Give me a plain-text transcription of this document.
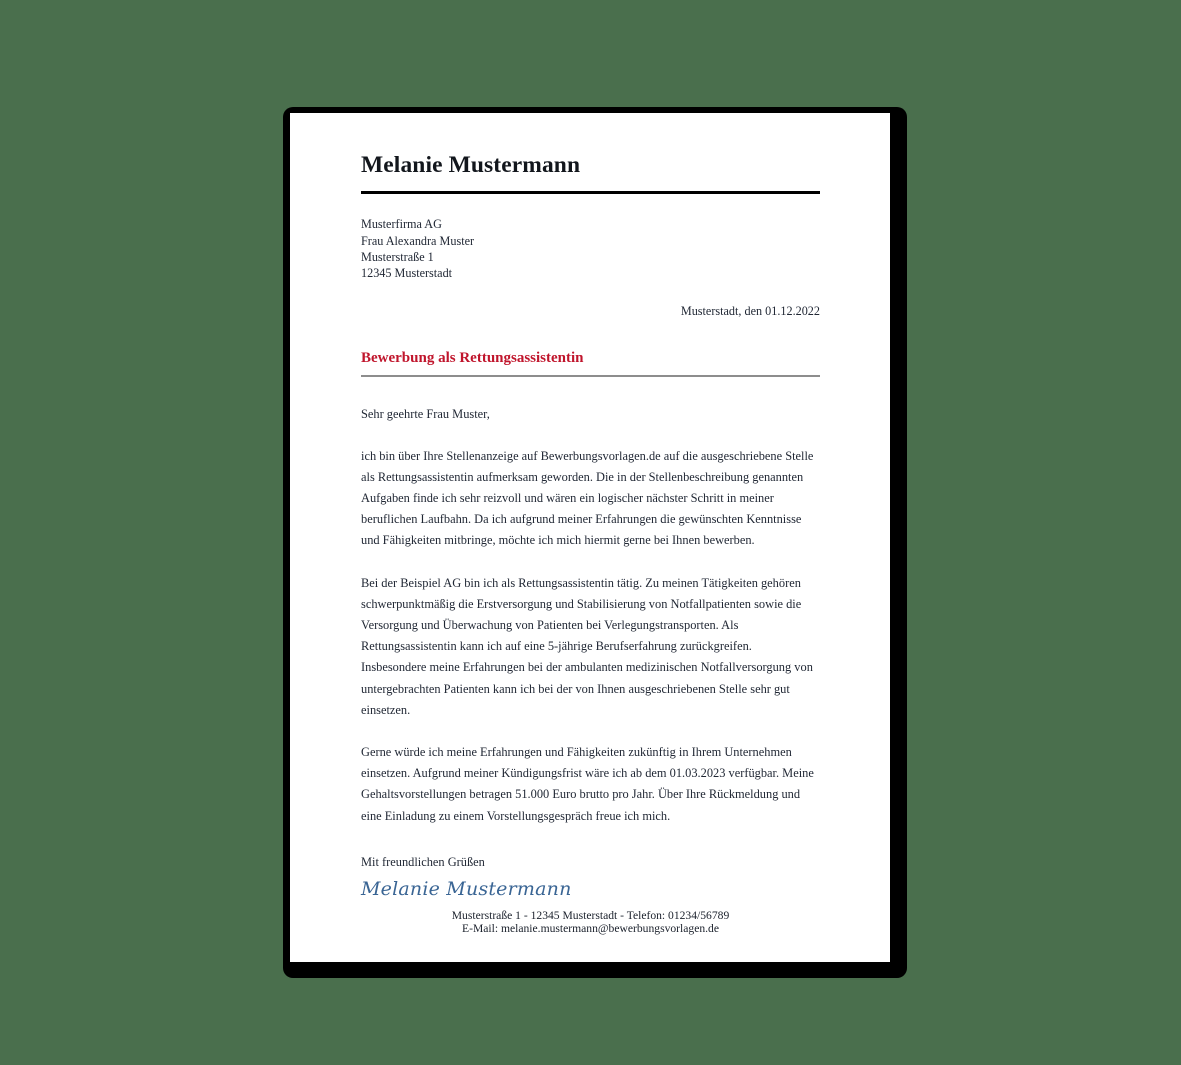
Melanie Mustermann
Musterfirma AG
Frau Alexandra Muster
Musterstraße 1
12345 Musterstadt
Musterstadt, den 01.12.2022
Bewerbung als Rettungsassistentin
Sehr geehrte Frau Muster,

ich bin über Ihre Stellenanzeige auf Bewerbungsvorlagen.de auf die ausgeschriebene Stelle als Rettungsassistentin aufmerksam geworden. Die in der Stellenbeschreibung genannten Aufgaben finde ich sehr reizvoll und wären ein logischer nächster Schritt in meiner beruflichen Laufbahn. Da ich aufgrund meiner Erfahrungen die gewünschten Kenntnisse und Fähigkeiten mitbringe, möchte ich mich hiermit gerne bei Ihnen bewerben.

Bei der Beispiel AG bin ich als Rettungsassistentin tätig. Zu meinen Tätigkeiten gehören schwerpunktmäßig die Erstversorgung und Stabilisierung von Notfallpatienten sowie die Versorgung und Überwachung von Patienten bei Verlegungstransporten. Als Rettungsassistentin kann ich auf eine 5-jährige Berufserfahrung zurückgreifen. Insbesondere meine Erfahrungen bei der ambulanten medizinischen Notfallversorgung von untergebrachten Patienten kann ich bei der von Ihnen ausgeschriebenen Stelle sehr gut einsetzen.

Gerne würde ich meine Erfahrungen und Fähigkeiten zukünftig in Ihrem Unternehmen einsetzen. Aufgrund meiner Kündigungsfrist wäre ich ab dem 01.03.2023 verfügbar. Meine Gehaltsvorstellungen betragen 51.000 Euro brutto pro Jahr. Über Ihre Rückmeldung und eine Einladung zu einem Vorstellungsgespräch freue ich mich.

Mit freundlichen Grüßen
Melanie Mustermann
Musterstraße 1 - 12345 Musterstadt - Telefon: 01234/56789
E-Mail: melanie.mustermann@bewerbungsvorlagen.de
